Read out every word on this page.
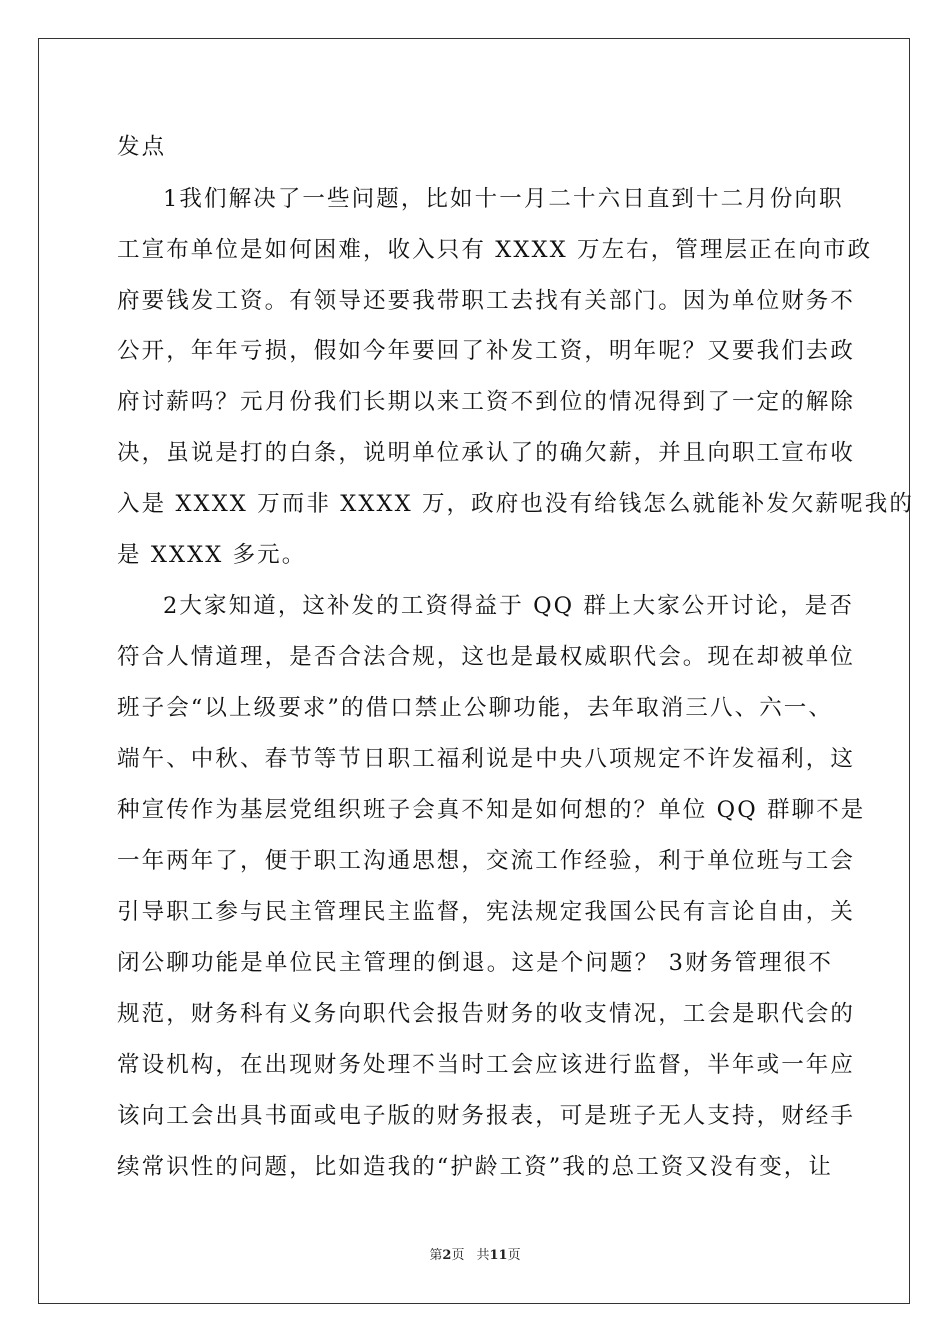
发点
1我们解决了一些问题，比如十一月二十六日直到十二月份向职
工宣布单位是如何困难，收入只有 XXXX 万左右，管理层正在向市政
府要钱发工资。有领导还要我带职工去找有关部门。因为单位财务不
公开，年年亏损，假如今年要回了补发工资，明年呢？又要我们去政
府讨薪吗？元月份我们长期以来工资不到位的情况得到了一定的解除
决，虽说是打的白条，说明单位承认了的确欠薪，并且向职工宣布收
入是 XXXX 万而非 XXXX 万，政府也没有给钱怎么就能补发欠薪呢我的
是 XXXX 多元。
2大家知道，这补发的工资得益于 QQ 群上大家公开讨论，是否
符合人情道理，是否合法合规，这也是最权威职代会。现在却被单位
班子会“以上级要求”的借口禁止公聊功能，去年取消三八、六一、
端午、中秋、春节等节日职工福利说是中央八项规定不许发福利，这
种宣传作为基层党组织班子会真不知是如何想的？单位 QQ 群聊不是
一年两年了，便于职工沟通思想，交流工作经验，利于单位班与工会
引导职工参与民主管理民主监督，宪法规定我国公民有言论自由，关
闭公聊功能是单位民主管理的倒退。这是个问题？ 3财务管理很不
规范，财务科有义务向职代会报告财务的收支情况，工会是职代会的
常设机构，在出现财务处理不当时工会应该进行监督，半年或一年应
该向工会出具书面或电子版的财务报表，可是班子无人支持，财经手
续常识性的问题，比如造我的“护龄工资”我的总工资又没有变，让
第2页 共11页
